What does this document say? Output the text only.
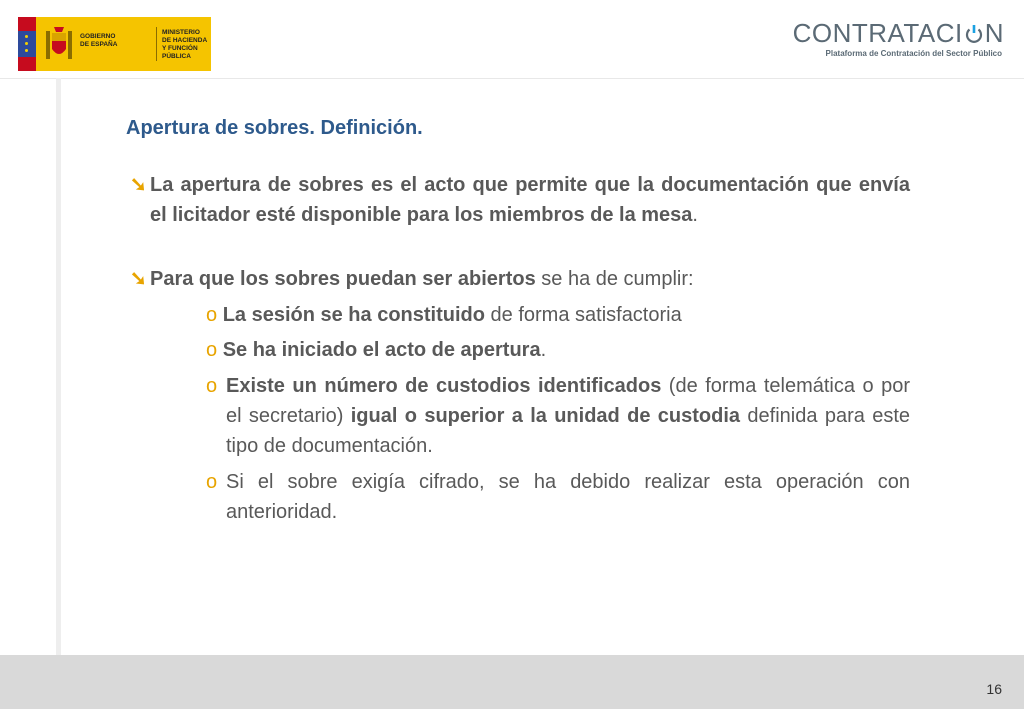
GOBIERNO
DE ESPAÑA
MINISTERIO
DE HACIENDA
Y FUNCIÓN PÚBLICA
CONTRATACI N
Plataforma de Contratación del Sector Público
Apertura de sobres. Definición.

➘ La apertura de sobres es el acto que permite que la documentación que envía el licitador esté disponible para los miembros de la mesa.

➘ Para que los sobres puedan ser abiertos se ha de cumplir:

o La sesión se ha constituido de forma satisfactoria

o Se ha iniciado el acto de apertura.

o Existe un número de custodios identificados (de forma telemática o por el secretario) igual o superior a la unidad de custodia definida para este tipo de documentación.

o Si el sobre exigía cifrado, se ha debido realizar esta operación con anterioridad.

16
